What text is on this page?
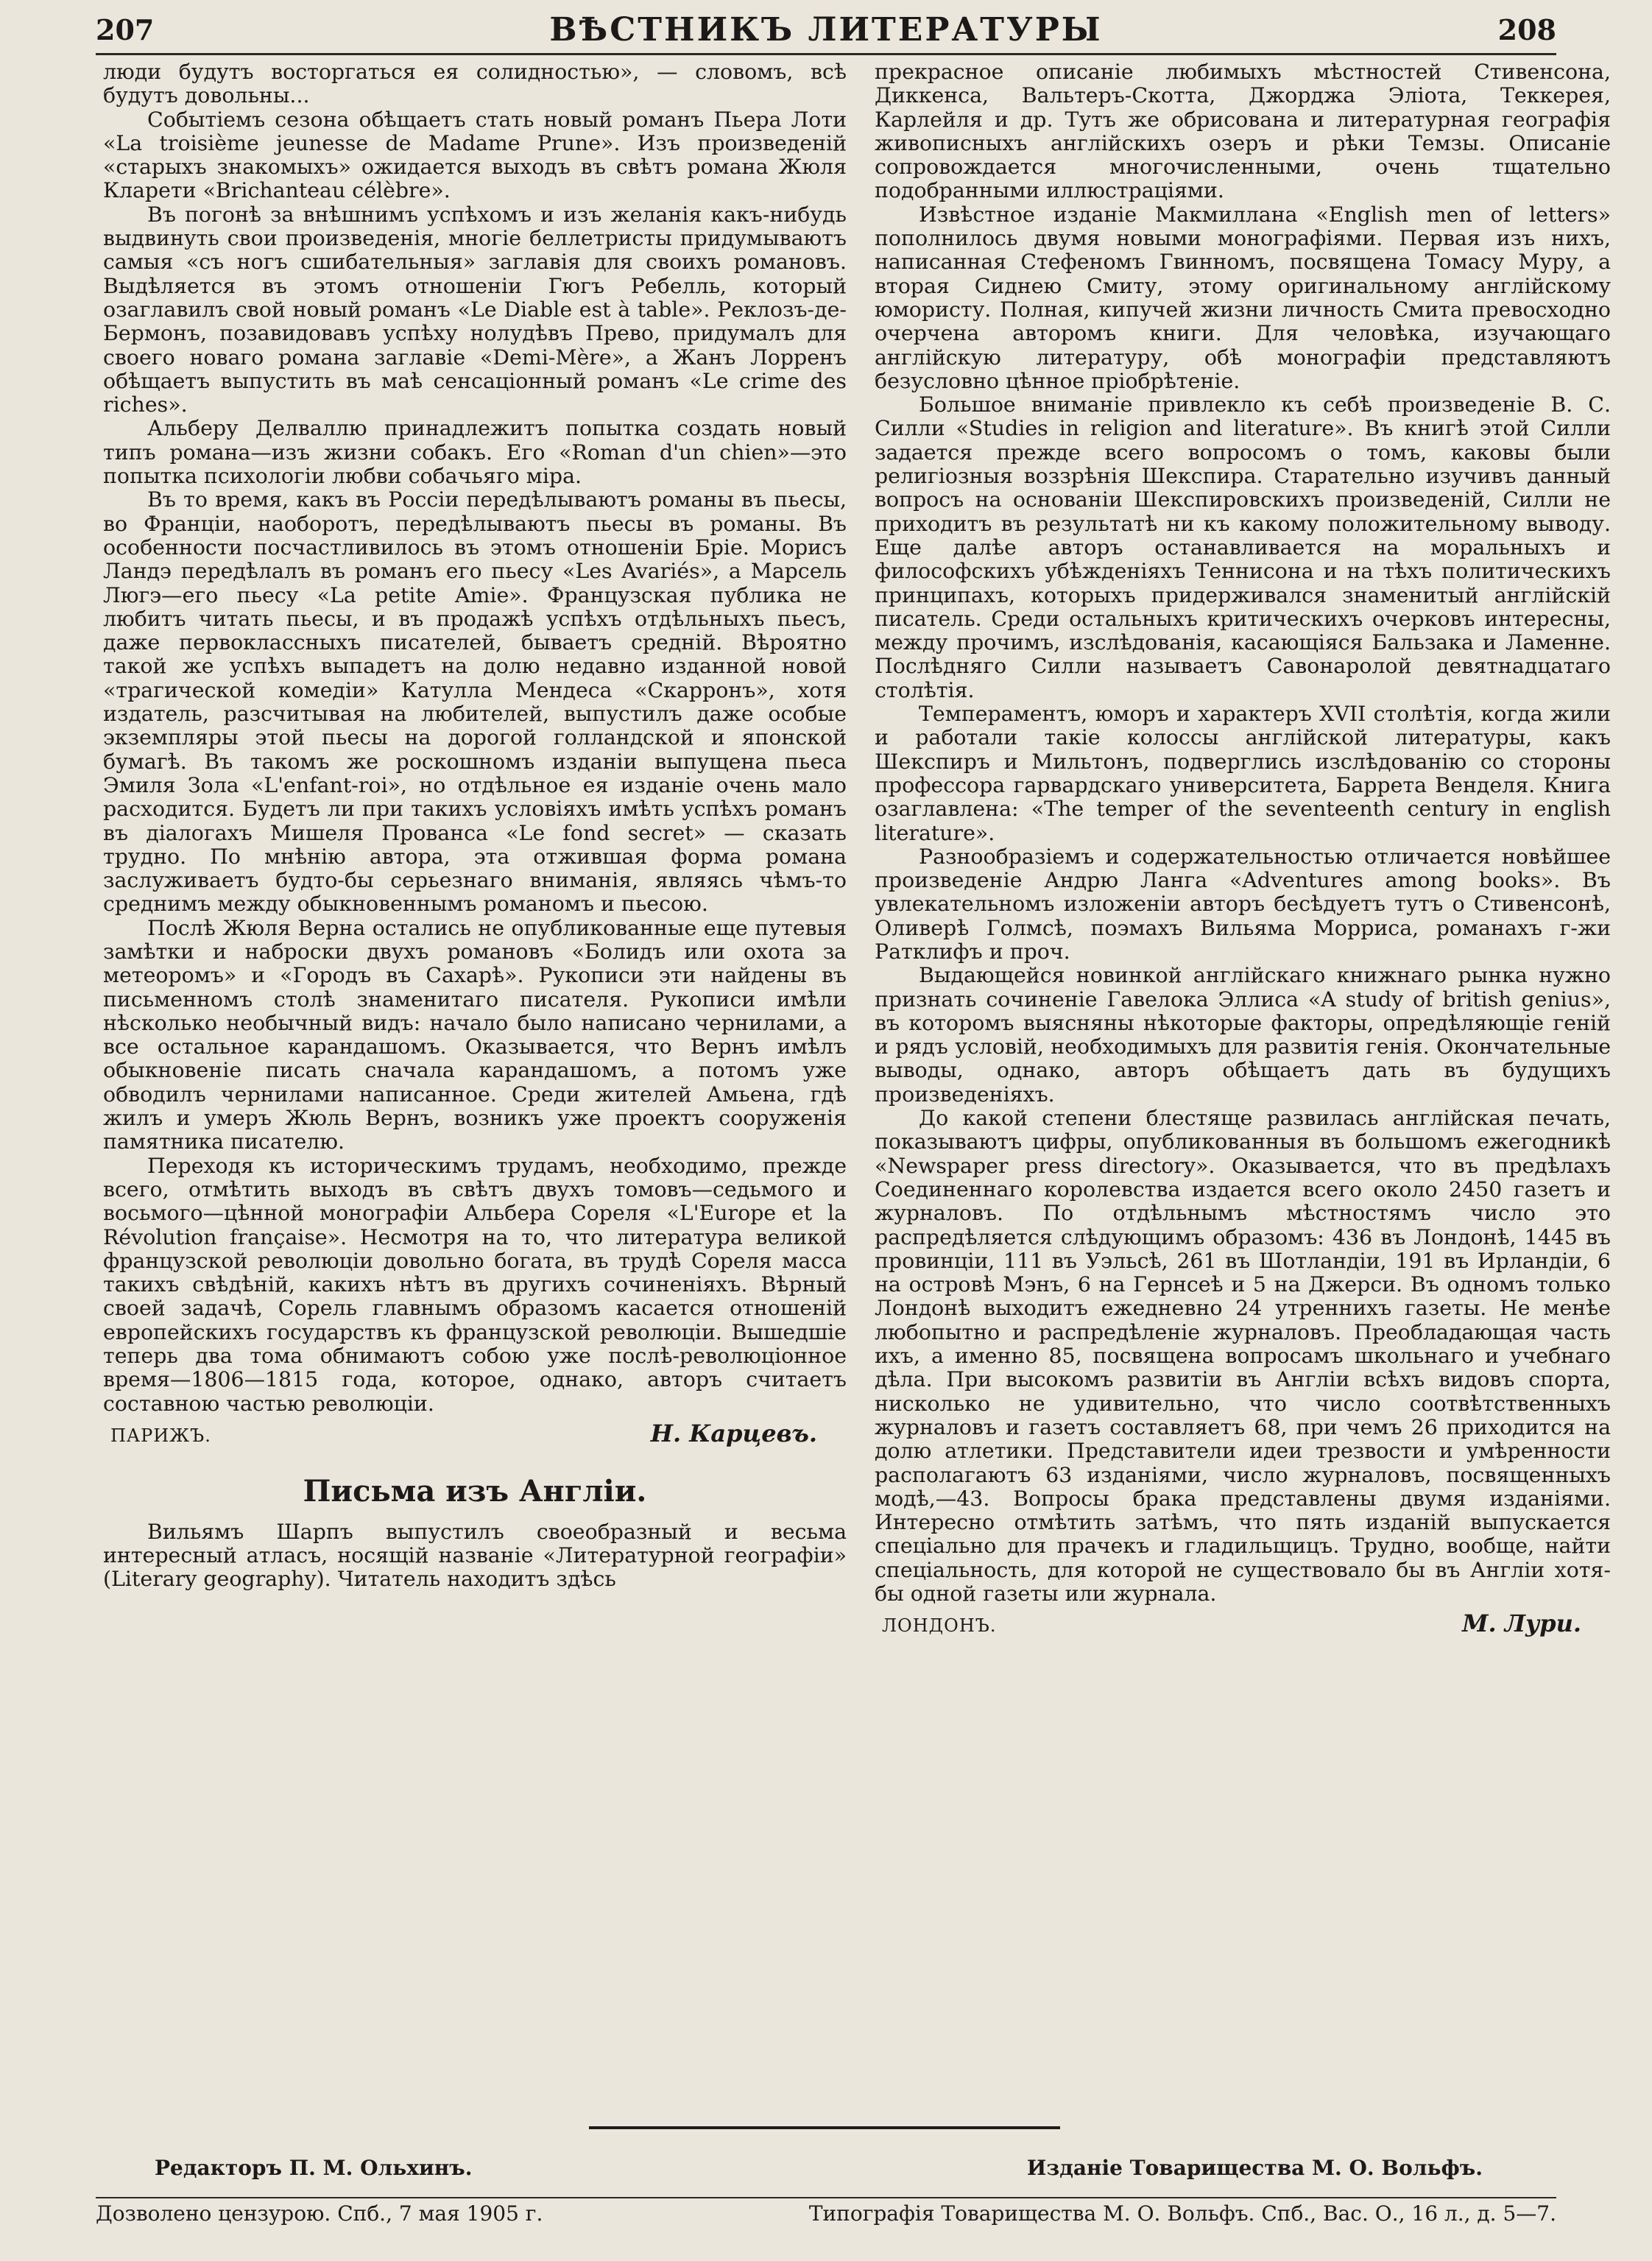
207	ВѢСТНИКЪ ЛИТЕРАТУРЫ	208

люди будутъ восторгаться ея солидностью», — словомъ, всѣ будутъ довольны...

Событіемъ сезона обѣщаетъ стать новый романъ Пьера Лоти «La troisième jeunesse de Madame Prune». Изъ произведеній «старыхъ знакомыхъ» ожидается выходъ въ свѣтъ романа Жюля Кларети «Brichanteau célèbre».

Въ погонѣ за внѣшнимъ успѣхомъ и изъ желанія какъ-нибудь выдвинуть свои произведенія, многіе беллетристы придумываютъ самыя «съ ногъ сшибательныя» заглавія для своихъ романовъ. Выдѣляется въ этомъ отношеніи Гюгъ Ребелль, который озаглавилъ свой новый романъ «Le Diable est à table». Реклозъ-де-Бермонъ, позавидовавъ успѣху нолудѣвъ Прево, придумалъ для своего новаго романа заглавіе «Demi-Mère», а Жанъ Лорренъ обѣщаетъ выпустить въ маѣ сенсаціонный романъ «Le crime des riches».

Альберу Делваллю принадлежитъ попытка создать новый типъ романа—изъ жизни собакъ. Его «Roman d'un chien»—это попытка психологіи любви собачьяго міра.

Въ то время, какъ въ Россіи передѣлываютъ романы въ пьесы, во Франціи, наоборотъ, передѣлываютъ пьесы въ романы. Въ особенности посчастливилось въ этомъ отношеніи Бріе. Морисъ Ландэ передѣлалъ въ романъ его пьесу «Les Avariés», а Марсель Люгэ—его пьесу «La petite Amie». Французская публика не любитъ читать пьесы, и въ продажѣ успѣхъ отдѣльныхъ пьесъ, даже первоклассныхъ писателей, бываетъ средній. Вѣроятно такой же успѣхъ выпадетъ на долю недавно изданной новой «трагической комедіи» Катулла Мендеса «Скарронъ», хотя издатель, разсчитывая на любителей, выпустилъ даже особые экземпляры этой пьесы на дорогой голландской и японской бумагѣ. Въ такомъ же роскошномъ изданіи выпущена пьеса Эмиля Зола «L'enfant-roi», но отдѣльное ея изданіе очень мало расходится. Будетъ ли при такихъ условіяхъ имѣть успѣхъ романъ въ діалогахъ Мишеля Прованса «Le fond secret» — сказать трудно. По мнѣнію автора, эта отжившая форма романа заслуживаетъ будто-бы серьезнаго вниманія, являясь чѣмъ-то среднимъ между обыкновеннымъ романомъ и пьесою.

Послѣ Жюля Верна остались не опубликованные еще путевыя замѣтки и наброски двухъ романовъ «Болидъ или охота за метеоромъ» и «Городъ въ Сахарѣ». Рукописи эти найдены въ письменномъ столѣ знаменитаго писателя. Рукописи имѣли нѣсколько необычный видъ: начало было написано чернилами, а все остальное карандашомъ. Оказывается, что Вернъ имѣлъ обыкновеніе писать сначала карандашомъ, а потомъ уже обводилъ чернилами написанное. Среди жителей Амьена, гдѣ жилъ и умеръ Жюль Вернъ, возникъ уже проектъ сооруженія памятника писателю.

Переходя къ историческимъ трудамъ, необходимо, прежде всего, отмѣтить выходъ въ свѣтъ двухъ томовъ—седьмого и восьмого—цѣнной монографіи Альбера Сореля «L'Europe et la Révolution française». Несмотря на то, что литература великой французской революціи довольно богата, въ трудѣ Сореля масса такихъ свѣдѣній, какихъ нѣтъ въ другихъ сочиненіяхъ. Вѣрный своей задачѣ, Сорель главнымъ образомъ касается отношеній европейскихъ государствъ къ французской революціи. Вышедшіе теперь два тома обнимаютъ собою уже послѣ-революціонное время—1806—1815 года, которое, однако, авторъ считаетъ составною частью революціи.

ПАРИЖЪ.	Н. Карцевъ.
Письма изъ Англіи.

Вильямъ Шарпъ выпустилъ своеобразный и весьма интересный атласъ, носящій названіе «Литературной географіи» (Literary geography). Читатель находитъ здѣсь

прекрасное описаніе любимыхъ мѣстностей Стивенсона, Диккенса, Вальтеръ-Скотта, Джорджа Эліота, Теккерея, Карлейля и др. Тутъ же обрисована и литературная географія живописныхъ англійскихъ озеръ и рѣки Темзы. Описаніе сопровождается многочисленными, очень тщательно подобранными иллюстраціями.

Извѣстное изданіе Макмиллана «English men of letters» пополнилось двумя новыми монографіями. Первая изъ нихъ, написанная Стефеномъ Гвинномъ, посвящена Томасу Муру, а вторая Сиднею Смиту, этому оригинальному англійскому юмористу. Полная, кипучей жизни личность Смита превосходно очерчена авторомъ книги. Для человѣка, изучающаго англійскую литературу, обѣ монографіи представляютъ безусловно цѣнное пріобрѣтеніе.

Большое вниманіе привлекло къ себѣ произведеніе В. С. Силли «Studies in religion and literature». Въ книгѣ этой Силли задается прежде всего вопросомъ о томъ, каковы были религіозныя воззрѣнія Шекспира. Старательно изучивъ данный вопросъ на основаніи Шекспировскихъ произведеній, Силли не приходитъ въ результатѣ ни къ какому положительному выводу. Еще далѣе авторъ останавливается на моральныхъ и философскихъ убѣжденіяхъ Теннисона и на тѣхъ политическихъ принципахъ, которыхъ придерживался знаменитый англійскій писатель. Среди остальныхъ критическихъ очерковъ интересны, между прочимъ, изслѣдованія, касающіяся Бальзака и Ламенне. Послѣдняго Силли называетъ Савонаролой девятнадцатаго столѣтія.

Темпераментъ, юморъ и характеръ XVII столѣтія, когда жили и работали такіе колоссы англійской литературы, какъ Шекспиръ и Мильтонъ, подверглись изслѣдованію со стороны профессора гарвардскаго университета, Баррета Венделя. Книга озаглавлена: «The temper of the seventeenth century in english literature».

Разнообразіемъ и содержательностью отличается новѣйшее произведеніе Андрю Ланга «Adventures among books». Въ увлекательномъ изложеніи авторъ бесѣдуетъ тутъ о Стивенсонѣ, Оливерѣ Голмсѣ, поэмахъ Вильяма Морриса, романахъ г-жи Ратклифъ и проч.

Выдающейся новинкой англійскаго книжнаго рынка нужно признать сочиненіе Гавелока Эллиса «A study of british genius», въ которомъ выясняны нѣкоторые факторы, опредѣляющіе геній и рядъ условій, необходимыхъ для развитія генія. Окончательные выводы, однако, авторъ обѣщаетъ дать въ будущихъ произведеніяхъ.

До какой степени блестяще развилась англійская печать, показываютъ цифры, опубликованныя въ большомъ ежегодникѣ «Newspaper press directory». Оказывается, что въ предѣлахъ Соединеннаго королевства издается всего около 2450 газетъ и журналовъ. По отдѣльнымъ мѣстностямъ число это распредѣляется слѣдующимъ образомъ: 436 въ Лондонѣ, 1445 въ провинціи, 111 въ Уэльсѣ, 261 въ Шотландіи, 191 въ Ирландіи, 6 на островѣ Мэнъ, 6 на Гернсеѣ и 5 на Джерси. Въ одномъ только Лондонѣ выходитъ ежедневно 24 утреннихъ газеты. Не менѣе любопытно и распредѣленіе журналовъ. Преобладающая часть ихъ, а именно 85, посвящена вопросамъ школьнаго и учебнаго дѣла. При высокомъ развитіи въ Англіи всѣхъ видовъ спорта, нисколько не удивительно, что число соотвѣтственныхъ журналовъ и газетъ составляетъ 68, при чемъ 26 приходится на долю атлетики. Представители идеи трезвости и умѣренности располагаютъ 63 изданіями, число журналовъ, посвященныхъ модѣ,—43. Вопросы брака представлены двумя изданіями. Интересно отмѣтить затѣмъ, что пять изданій выпускается спеціально для прачекъ и гладильщицъ. Трудно, вообще, найти спеціальность, для которой не существовало бы въ Англіи хотя-бы одной газеты или журнала.

ЛОНДОНЪ.	М. Лури.
Редакторъ П. М. Ольхинъ.	Изданіе Товарищества М. О. Вольфъ.
Дозволено цензурою. Спб., 7 мая 1905 г.	Типографія Товарищества М. О. Вольфъ. Спб., Вас. О., 16 л., д. 5—7.
